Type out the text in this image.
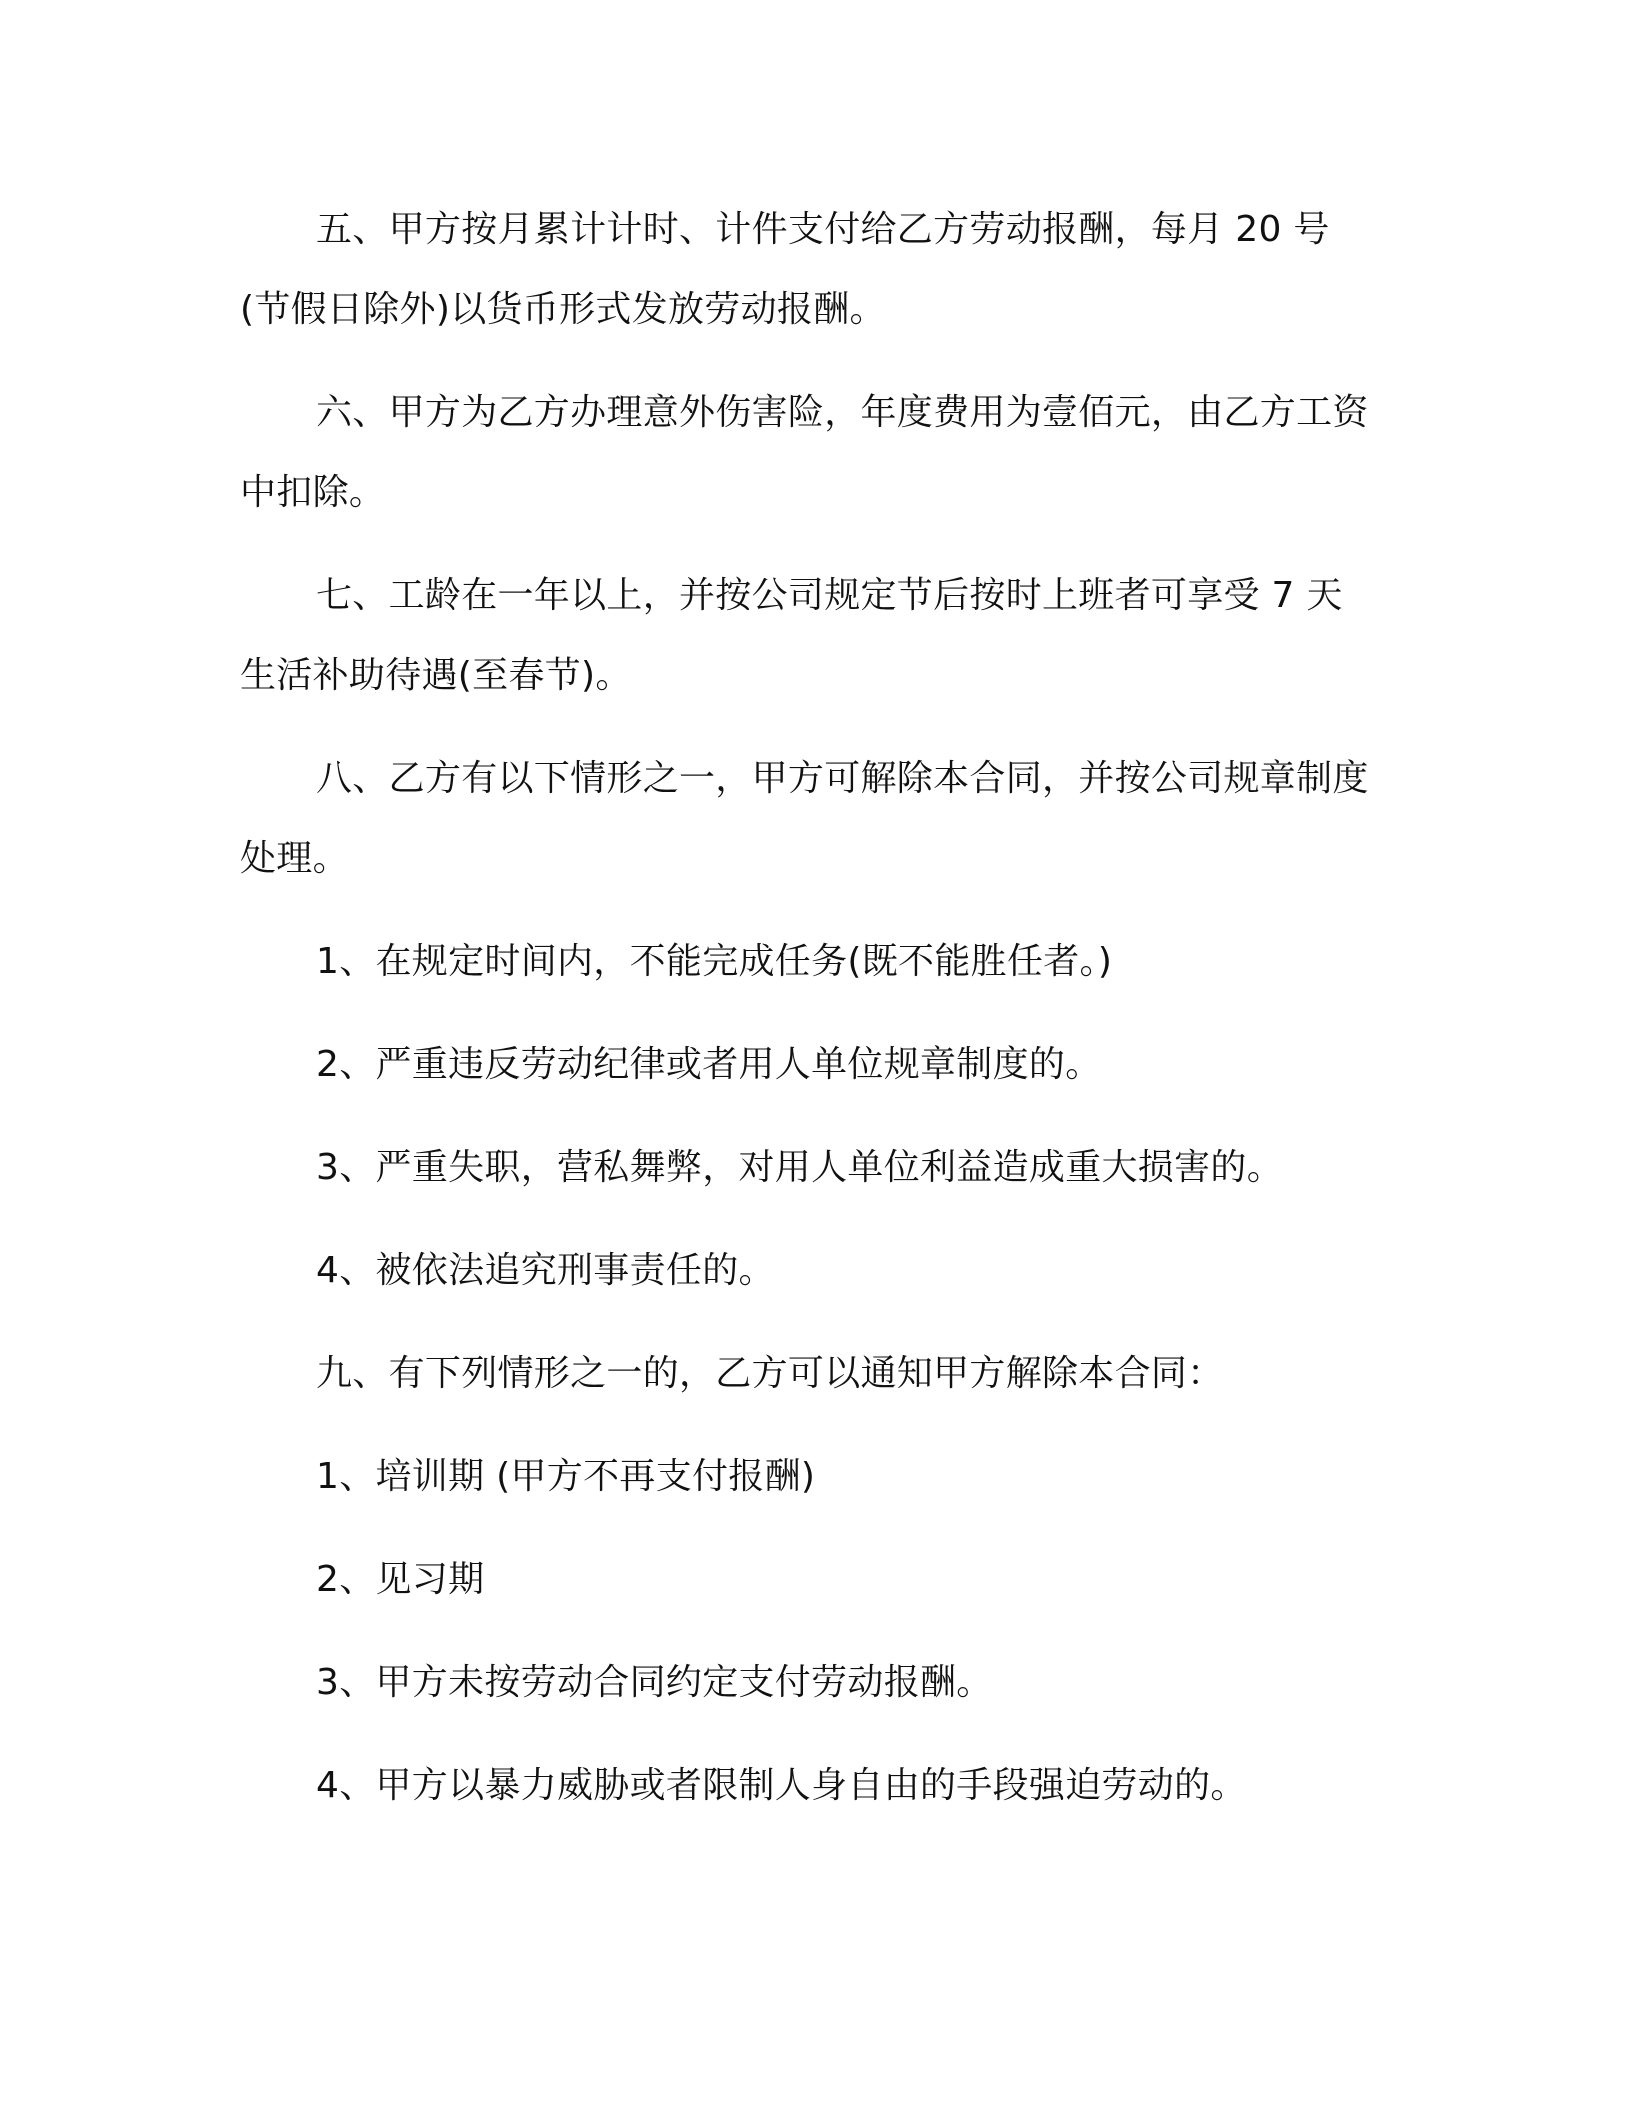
五、甲方按月累计计时、计件支付给乙方劳动报酬，每月 20 号(节假日除外)以货币形式发放劳动报酬。

六、甲方为乙方办理意外伤害险，年度费用为壹佰元，由乙方工资中扣除。

七、工龄在一年以上，并按公司规定节后按时上班者可享受 7 天生活补助待遇(至春节)。

八、乙方有以下情形之一，甲方可解除本合同，并按公司规章制度处理。

1、在规定时间内，不能完成任务(既不能胜任者。)

2、严重违反劳动纪律或者用人单位规章制度的。

3、严重失职，营私舞弊，对用人单位利益造成重大损害的。

4、被依法追究刑事责任的。

九、有下列情形之一的，乙方可以通知甲方解除本合同：

1、培训期 (甲方不再支付报酬)

2、见习期

3、甲方未按劳动合同约定支付劳动报酬。

4、甲方以暴力威胁或者限制人身自由的手段强迫劳动的。
